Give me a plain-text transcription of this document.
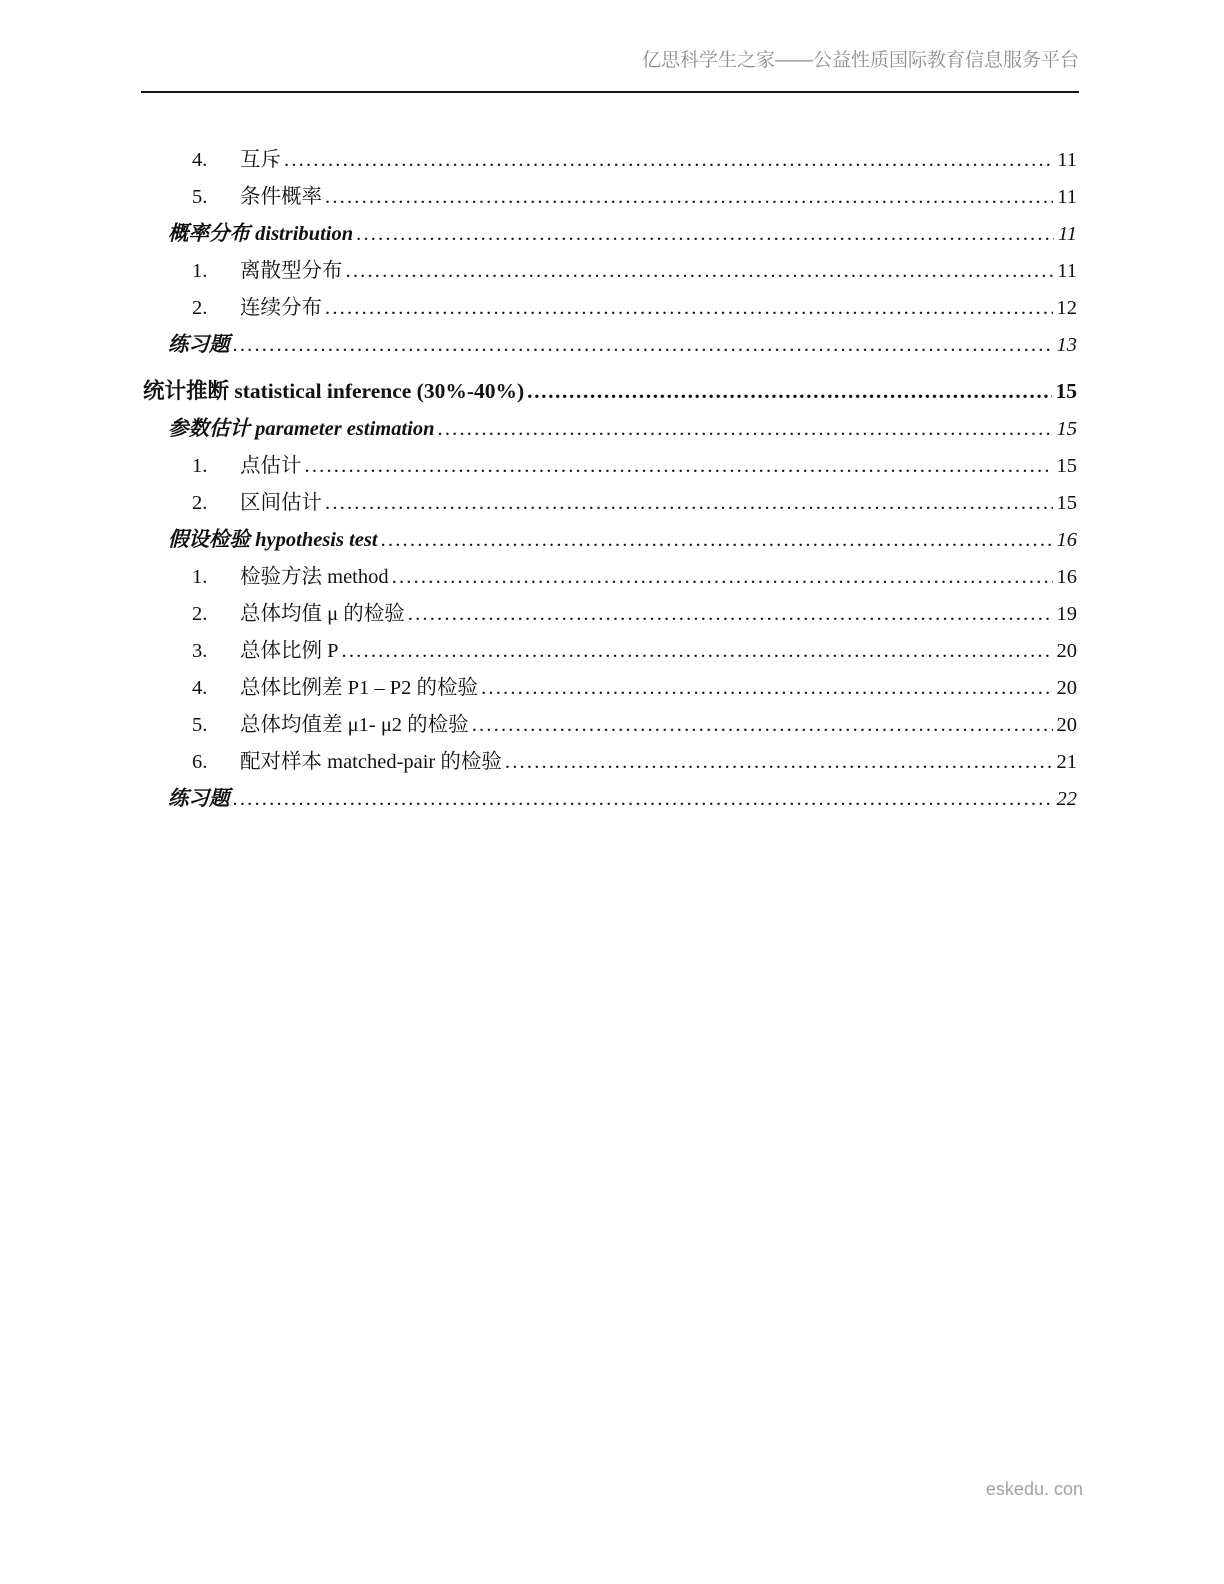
亿思科学生之家——公益性质国际教育信息服务平台
4.	互斥 .....	11
5.	条件概率 .....	11
概率分布 distribution .....	11
1.	离散型分布 .....	11
2.	连续分布 .....	12
练习题 .....	13
统计推断 statistical inference (30%-40%) .....	15
参数估计 parameter estimation .....	15
1.	点估计 .....	15
2.	区间估计 .....	15
假设检验 hypothesis test .....	16
1.	检验方法 method .....	16
2.	总体均值 μ 的检验 .....	19
3.	总体比例 P .....	20
4.	总体比例差 P1 – P2 的检验 .....	20
5.	总体均值差 μ1- μ2 的检验 .....	20
6.	配对样本 matched-pair 的检验 .....	21
练习题 .....	22
eskedu. con
